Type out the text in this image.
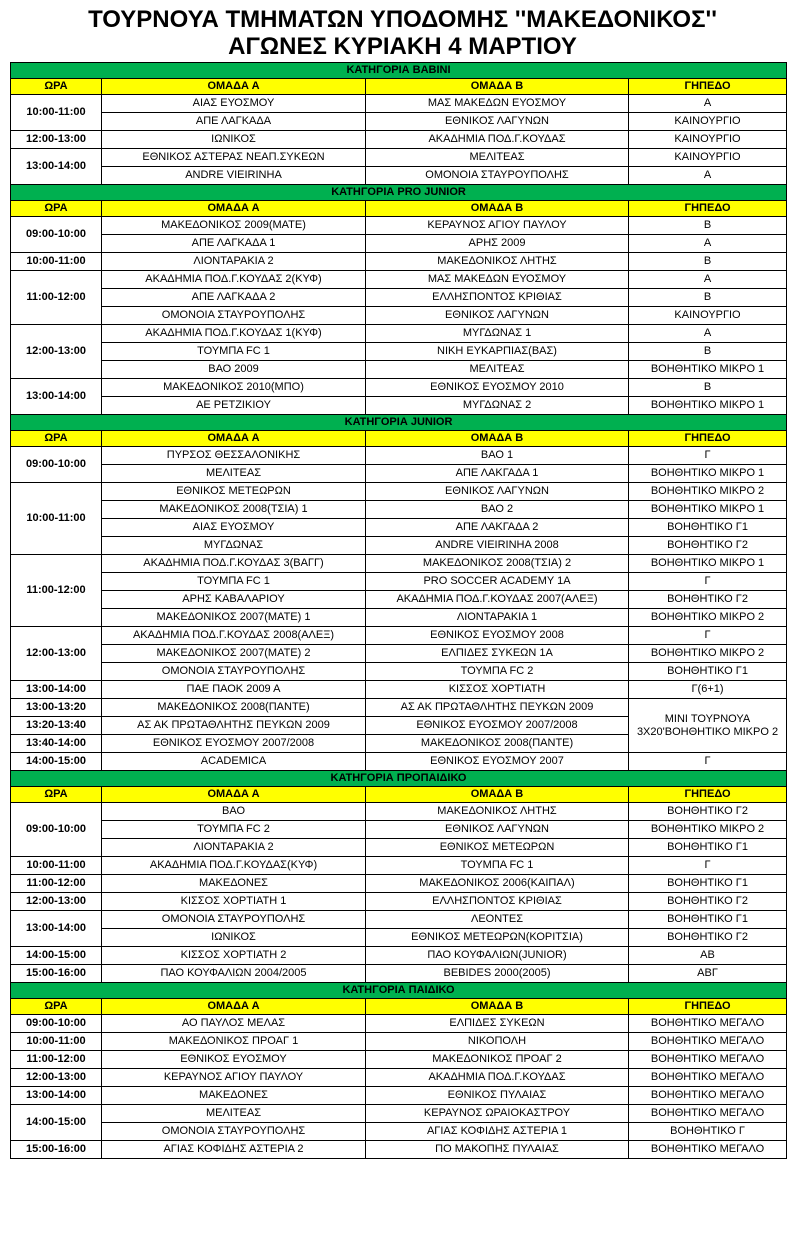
ΤΟΥΡΝΟΥΑ ΤΜΗΜΑΤΩΝ ΥΠΟΔΟΜΗΣ ''ΜΑΚΕΔΟΝΙΚΟΣ''
ΑΓΩΝΕΣ ΚΥΡΙΑΚΗ 4 ΜΑΡΤΙΟΥ
ΚΑΤΗΓΟΡΙΑ BABINI			
ΩΡΑ	ΟΜΑΔΑ Α	ΟΜΑΔΑ Β	ΓΗΠΕΔΟ
10:00-11:00	ΑΙΑΣ ΕΥΟΣΜΟΥ	ΜΑΣ ΜΑΚΕΔΩΝ ΕΥΟΣΜΟΥ	Α
	ΑΠΕ ΛΑΓΚΑΔΑ	ΕΘΝΙΚΟΣ ΛΑΓΥΝΩΝ	ΚΑΙΝΟΥΡΓΙΟ
12:00-13:00	ΙΩΝΙΚΟΣ	ΑΚΑΔΗΜΙΑ ΠΟΔ.Γ.ΚΟΥΔΑΣ	ΚΑΙΝΟΥΡΓΙΟ
13:00-14:00	ΕΘΝΙΚΟΣ ΑΣΤΕΡΑΣ ΝΕΑΠ.ΣΥΚΕΩΝ	ΜΕΛΙΤΕΑΣ	ΚΑΙΝΟΥΡΓΙΟ
	ANDRE VIEIRINHA	ΟΜΟΝΟΙΑ ΣΤΑΥΡΟΥΠΟΛΗΣ	Α
ΚΑΤΗΓΟΡΙΑ PRO JUNIOR			
ΩΡΑ	ΟΜΑΔΑ Α	ΟΜΑΔΑ Β	ΓΗΠΕΔΟ
09:00-10:00	ΜΑΚΕΔΟΝΙΚΟΣ 2009(ΜΑΤΕ)	ΚΕΡΑΥΝΟΣ ΑΓΙΟΥ ΠΑΥΛΟΥ	Β
	ΑΠΕ ΛΑΓΚΑΔΑ 1	ΑΡΗΣ 2009	Α
10:00-11:00	ΛΙΟΝΤΑΡΑΚΙΑ 2	ΜΑΚΕΔΟΝΙΚΟΣ ΛΗΤΗΣ	Β
11:00-12:00	ΑΚΑΔΗΜΙΑ ΠΟΔ.Γ.ΚΟΥΔΑΣ 2(ΚΥΦ)	ΜΑΣ ΜΑΚΕΔΩΝ ΕΥΟΣΜΟΥ	Α
	ΑΠΕ ΛΑΓΚΑΔΑ 2	ΕΛΛΗΣΠΟΝΤΟΣ ΚΡΙΘΙΑΣ	Β
	ΟΜΟΝΟΙΑ ΣΤΑΥΡΟΥΠΟΛΗΣ	ΕΘΝΙΚΟΣ ΛΑΓΥΝΩΝ	ΚΑΙΝΟΥΡΓΙΟ
12:00-13:00	ΑΚΑΔΗΜΙΑ ΠΟΔ.Γ.ΚΟΥΔΑΣ 1(ΚΥΦ)	ΜΥΓΔΩΝΑΣ 1	Α
	ΤΟΥΜΠΑ FC 1	ΝΙΚΗ ΕΥΚΑΡΠΙΑΣ(ΒΑΣ)	Β
	ΒΑΟ 2009	ΜΕΛΙΤΕΑΣ	ΒΟΗΘΗΤΙΚΟ ΜΙΚΡΟ 1
13:00-14:00	ΜΑΚΕΔΟΝΙΚΟΣ 2010(ΜΠΟ)	ΕΘΝΙΚΟΣ ΕΥΟΣΜΟΥ 2010	Β
	ΑΕ ΡΕΤΖΙΚΙΟΥ	ΜΥΓΔΩΝΑΣ 2	ΒΟΗΘΗΤΙΚΟ ΜΙΚΡΟ 1
ΚΑΤΗΓΟΡΙΑ JUNIOR			
ΩΡΑ	ΟΜΑΔΑ Α	ΟΜΑΔΑ Β	ΓΗΠΕΔΟ
09:00-10:00	ΠΥΡΣΟΣ ΘΕΣΣΑΛΟΝΙΚΗΣ	ΒΑΟ 1	Γ
	ΜΕΛΙΤΕΑΣ	ΑΠΕ ΛΑΚΓΑΔΑ 1	ΒΟΗΘΗΤΙΚΟ ΜΙΚΡΟ 1
10:00-11:00	ΕΘΝΙΚΟΣ ΜΕΤΕΩΡΩΝ	ΕΘΝΙΚΟΣ ΛΑΓΥΝΩΝ	ΒΟΗΘΗΤΙΚΟ ΜΙΚΡΟ 2
	ΜΑΚΕΔΟΝΙΚΟΣ 2008(ΤΣΙΑ) 1	ΒΑΟ 2	ΒΟΗΘΗΤΙΚΟ ΜΙΚΡΟ 1
	ΑΙΑΣ ΕΥΟΣΜΟΥ	ΑΠΕ ΛΑΚΓΑΔΑ 2	ΒΟΗΘΗΤΙΚΟ Γ1
	ΜΥΓΔΩΝΑΣ	ANDRE VIEIRINHA 2008	ΒΟΗΘΗΤΙΚΟ Γ2
11:00-12:00	ΑΚΑΔΗΜΙΑ ΠΟΔ.Γ.ΚΟΥΔΑΣ 3(ΒΑΓΓ)	ΜΑΚΕΔΟΝΙΚΟΣ 2008(ΤΣΙΑ) 2	ΒΟΗΘΗΤΙΚΟ ΜΙΚΡΟ 1
	ΤΟΥΜΠΑ FC 1	PRO SOCCER ACADEMY 1Α	Γ
	ΑΡΗΣ ΚΑΒΑΛΑΡΙΟΥ	ΑΚΑΔΗΜΙΑ ΠΟΔ.Γ.ΚΟΥΔΑΣ 2007(ΑΛΕΞ)	ΒΟΗΘΗΤΙΚΟ Γ2
	ΜΑΚΕΔΟΝΙΚΟΣ 2007(ΜΑΤΕ) 1	ΛΙΟΝΤΑΡΑΚΙΑ 1	ΒΟΗΘΗΤΙΚΟ ΜΙΚΡΟ 2
12:00-13:00	ΑΚΑΔΗΜΙΑ ΠΟΔ.Γ.ΚΟΥΔΑΣ 2008(ΑΛΕΞ)	ΕΘΝΙΚΟΣ ΕΥΟΣΜΟΥ 2008	Γ
	ΜΑΚΕΔΟΝΙΚΟΣ 2007(ΜΑΤΕ) 2	ΕΛΠΙΔΕΣ ΣΥΚΕΩΝ 1Α	ΒΟΗΘΗΤΙΚΟ ΜΙΚΡΟ 2
	ΟΜΟΝΟΙΑ ΣΤΑΥΡΟΥΠΟΛΗΣ	ΤΟΥΜΠΑ FC 2	ΒΟΗΘΗΤΙΚΟ Γ1
13:00-14:00	ΠΑΕ ΠΑΟΚ 2009 Α	ΚΙΣΣΟΣ ΧΟΡΤΙΑΤΗ	Γ(6+1)
13:00-13:20	ΜΑΚΕΔΟΝΙΚΟΣ 2008(ΠΑΝΤΕ)	ΑΣ ΑΚ ΠΡΩΤΑΘΛΗΤΗΣ ΠΕΥΚΩΝ 2009	ΜΙΝΙ ΤΟΥΡΝΟΥΑ 3Χ20'ΒΟΗΘΗΤΙΚΟ ΜΙΚΡΟ 2
13:20-13:40	ΑΣ ΑΚ ΠΡΩΤΑΘΛΗΤΗΣ ΠΕΥΚΩΝ 2009	ΕΘΝΙΚΟΣ ΕΥΟΣΜΟΥ 2007/2008	
13:40-14:00	ΕΘΝΙΚΟΣ ΕΥΟΣΜΟΥ 2007/2008	ΜΑΚΕΔΟΝΙΚΟΣ 2008(ΠΑΝΤΕ)	
14:00-15:00	ACADEMICA	ΕΘΝΙΚΟΣ ΕΥΟΣΜΟΥ 2007	Γ
ΚΑΤΗΓΟΡΙΑ ΠΡΟΠΑΙΔΙΚΟ			
ΩΡΑ	ΟΜΑΔΑ Α	ΟΜΑΔΑ Β	ΓΗΠΕΔΟ
09:00-10:00	ΒΑΟ	ΜΑΚΕΔΟΝΙΚΟΣ ΛΗΤΗΣ	ΒΟΗΘΗΤΙΚΟ Γ2
	ΤΟΥΜΠΑ FC 2	ΕΘΝΙΚΟΣ ΛΑΓΥΝΩΝ	ΒΟΗΘΗΤΙΚΟ ΜΙΚΡΟ 2
	ΛΙΟΝΤΑΡΑΚΙΑ 2	ΕΘΝΙΚΟΣ ΜΕΤΕΩΡΩΝ	ΒΟΗΘΗΤΙΚΟ Γ1
10:00-11:00	ΑΚΑΔΗΜΙΑ ΠΟΔ.Γ.ΚΟΥΔΑΣ(ΚΥΦ)	ΤΟΥΜΠΑ FC 1	Γ
11:00-12:00	ΜΑΚΕΔΟΝΕΣ	ΜΑΚΕΔΟΝΙΚΟΣ 2006(ΚΑΙΠΑΛ)	ΒΟΗΘΗΤΙΚΟ Γ1
12:00-13:00	ΚΙΣΣΟΣ ΧΟΡΤΙΑΤΗ 1	ΕΛΛΗΣΠΟΝΤΟΣ ΚΡΙΘΙΑΣ	ΒΟΗΘΗΤΙΚΟ Γ2
13:00-14:00	ΟΜΟΝΟΙΑ ΣΤΑΥΡΟΥΠΟΛΗΣ	ΛΕΟΝΤΕΣ	ΒΟΗΘΗΤΙΚΟ Γ1
	ΙΩΝΙΚΟΣ	ΕΘΝΙΚΟΣ ΜΕΤΕΩΡΩΝ(ΚΟΡΙΤΣΙΑ)	ΒΟΗΘΗΤΙΚΟ Γ2
14:00-15:00	ΚΙΣΣΟΣ ΧΟΡΤΙΑΤΗ 2	ΠΑΟ ΚΟΥΦΑΛΙΩΝ(JUNIOR)	ΑΒ
15:00-16:00	ΠΑΟ ΚΟΥΦΑΛΙΩΝ 2004/2005	BEBIDES 2000(2005)	ΑΒΓ
ΚΑΤΗΓΟΡΙΑ ΠΑΙΔΙΚΟ			
ΩΡΑ	ΟΜΑΔΑ Α	ΟΜΑΔΑ Β	ΓΗΠΕΔΟ
09:00-10:00	ΑΟ ΠΑΥΛΟΣ ΜΕΛΑΣ	ΕΛΠΙΔΕΣ ΣΥΚΕΩΝ	ΒΟΗΘΗΤΙΚΟ ΜΕΓΑΛΟ
10:00-11:00	ΜΑΚΕΔΟΝΙΚΟΣ ΠΡΟΑΓ 1	ΝΙΚΟΠΟΛΗ	ΒΟΗΘΗΤΙΚΟ ΜΕΓΑΛΟ
11:00-12:00	ΕΘΝΙΚΟΣ ΕΥΟΣΜΟΥ	ΜΑΚΕΔΟΝΙΚΟΣ ΠΡΟΑΓ 2	ΒΟΗΘΗΤΙΚΟ ΜΕΓΑΛΟ
12:00-13:00	ΚΕΡΑΥΝΟΣ ΑΓΙΟΥ ΠΑΥΛΟΥ	ΑΚΑΔΗΜΙΑ ΠΟΔ.Γ.ΚΟΥΔΑΣ	ΒΟΗΘΗΤΙΚΟ ΜΕΓΑΛΟ
13:00-14:00	ΜΑΚΕΔΟΝΕΣ	ΕΘΝΙΚΟΣ ΠΥΛΑΙΑΣ	ΒΟΗΘΗΤΙΚΟ ΜΕΓΑΛΟ
14:00-15:00	ΜΕΛΙΤΕΑΣ	ΚΕΡΑΥΝΟΣ ΩΡΑΙΟΚΑΣΤΡΟΥ	ΒΟΗΘΗΤΙΚΟ ΜΕΓΑΛΟ
	ΟΜΟΝΟΙΑ ΣΤΑΥΡΟΥΠΟΛΗΣ	ΑΓΙΑΣ ΚΟΦΙΔΗΣ ΑΣΤΕΡΙΑ 1	ΒΟΗΘΗΤΙΚΟ Γ
15:00-16:00	ΑΓΙΑΣ ΚΟΦΙΔΗΣ ΑΣΤΕΡΙΑ 2	ΠΟ ΜΑΚΟΠΗΣ ΠΥΛΑΙΑΣ	ΒΟΗΘΗΤΙΚΟ ΜΕΓΑΛΟ
